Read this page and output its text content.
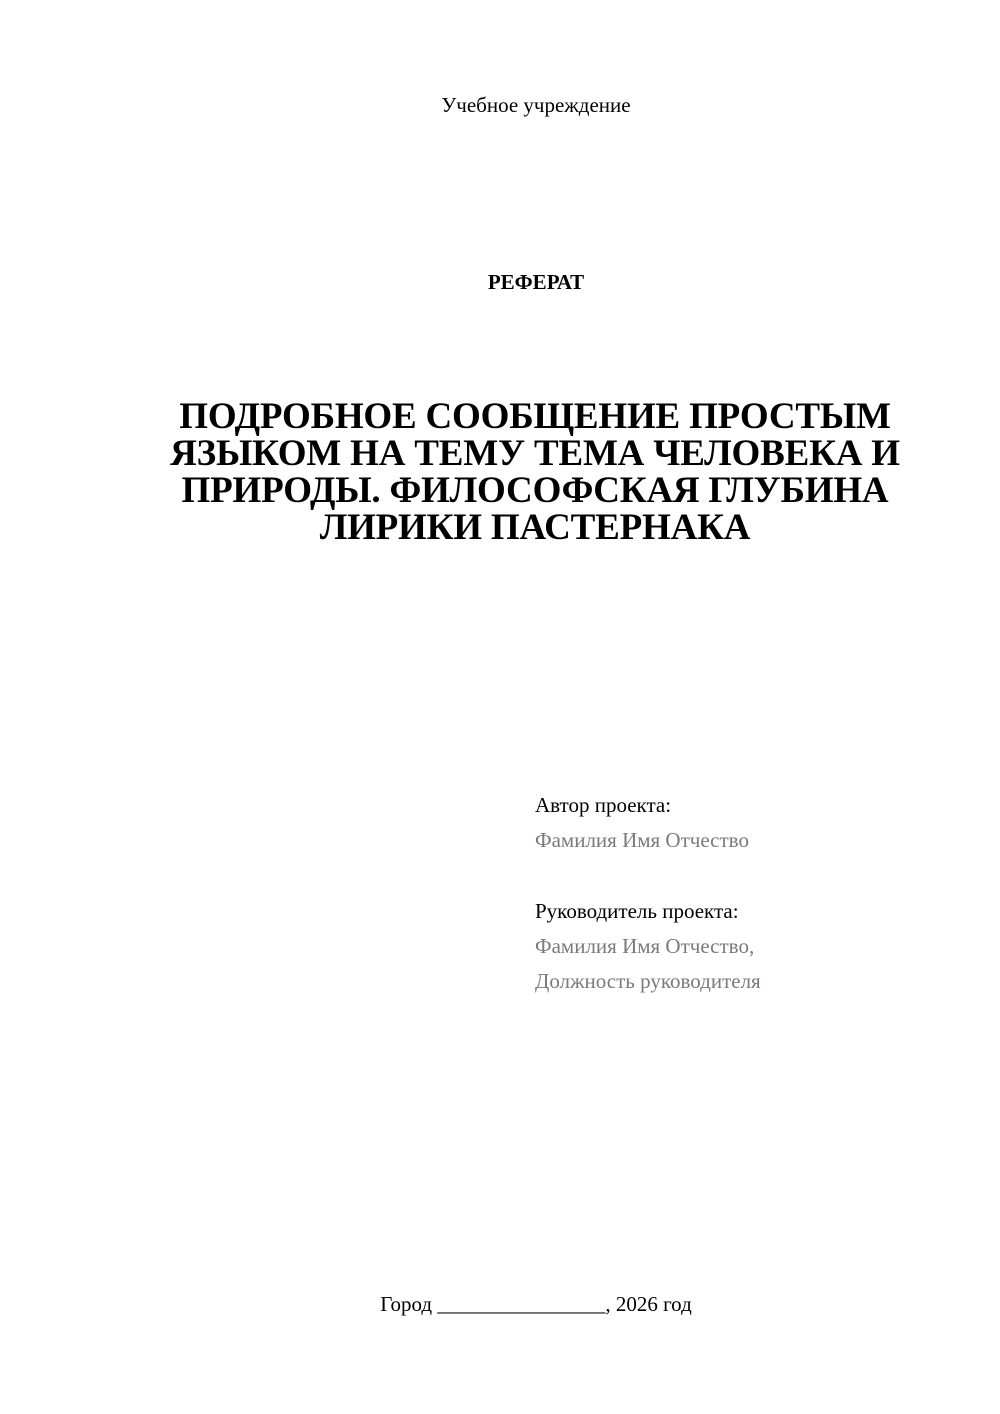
Учебное учреждение
РЕФЕРАТ
ПОДРОБНОЕ СООБЩЕНИЕ ПРОСТЫМ
ЯЗЫКОМ НА ТЕМУ ТЕМА ЧЕЛОВЕКА И
ПРИРОДЫ. ФИЛОСОФСКАЯ ГЛУБИНА
ЛИРИКИ ПАСТЕРНАКА
Автор проекта:
Фамилия Имя Отчество
Руководитель проекта:
Фамилия Имя Отчество,
Должность руководителя
Город ________________, 2026 год
